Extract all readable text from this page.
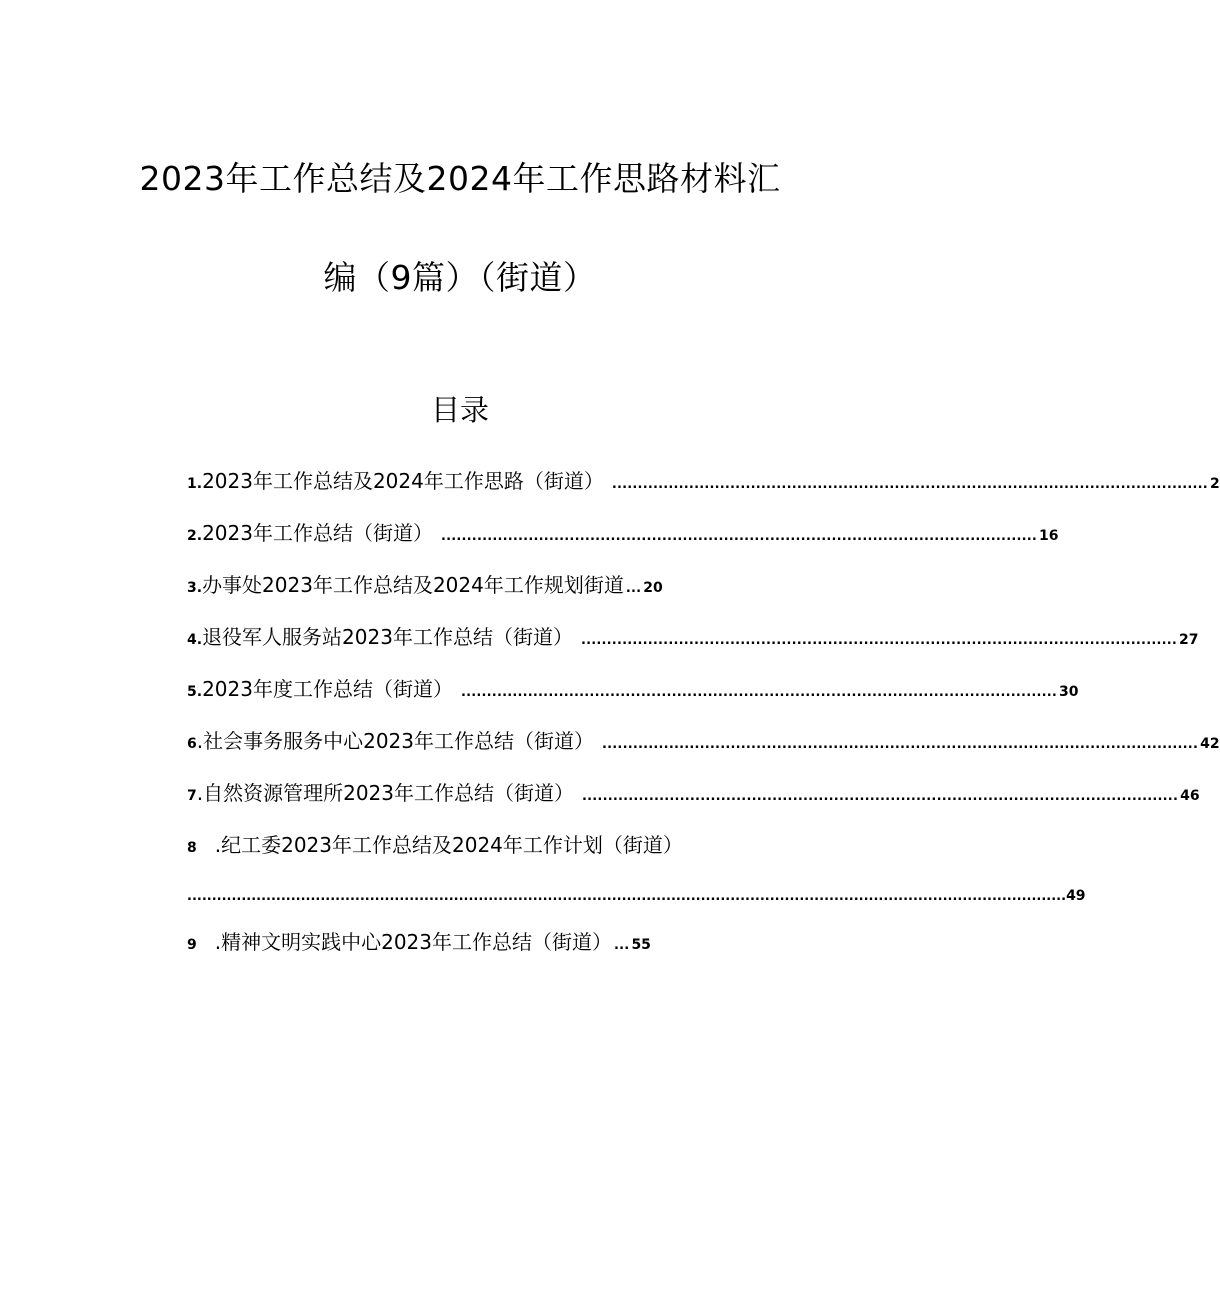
2023年工作总结及2024年工作思路材料汇
编（9篇）（街道）
目录
1. 2023年工作总结及2024年工作思路（街道） .................................................................................................................... 2
2. 2023年工作总结（街道） .................................................................................................................... 16
3. 办事处2023年工作总结及2024年工作规划街道 ... 20
4. 退役军人服务站2023年工作总结（街道） .................................................................................................................... 27
5. 2023年度工作总结（街道） .................................................................................................................... 30
6 .社会事务服务中心2023年工作总结（街道） .................................................................................................................... 42
7 .自然资源管理所2023年工作总结（街道） .................................................................................................................... 46
8 .纪工委2023年工作总结及2024年工作计划（街道）
.................................................................................................................................................................................. 49
9 .精神文明实践中心2023年工作总结（街道） ... 55
